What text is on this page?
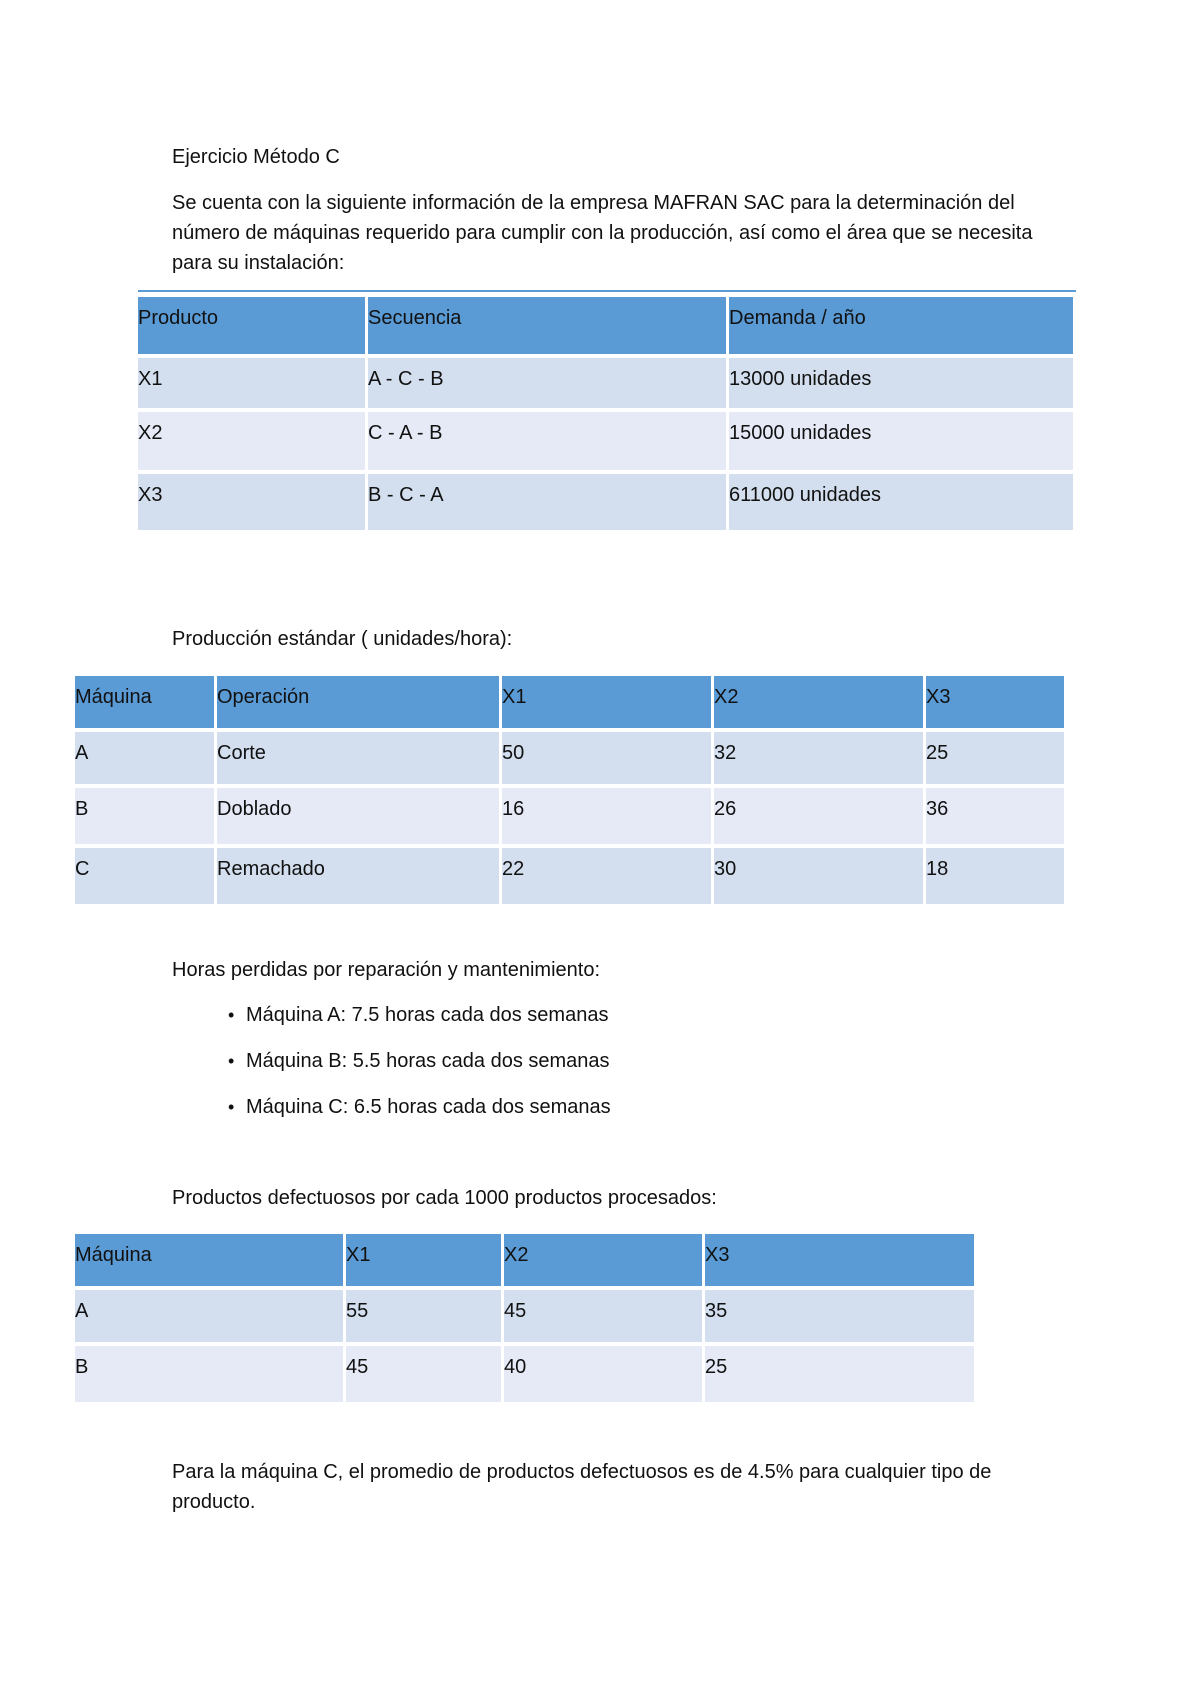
Ejercicio Método C

Se cuenta con la siguiente información de la empresa MAFRAN SAC para la determinación del número de máquinas requerido para cumplir con la producción, así como el área que se necesita para su instalación:

Producto	Secuencia	Demanda / año
X1	A - C - B	13000 unidades
X2	C - A - B	15000 unidades
X3	B - C - A	611000 unidades

Producción estándar ( unidades/hora):

Máquina	Operación	X1	X2	X3
A	Corte	50	32	25
B	Doblado	16	26	36
C	Remachado	22	30	18

Horas perdidas por reparación y mantenimiento:

• Máquina A: 7.5 horas cada dos semanas
• Máquina B: 5.5 horas cada dos semanas
• Máquina C: 6.5 horas cada dos semanas

Productos defectuosos por cada 1000 productos procesados:

Máquina	X1	X2	X3
A	55	45	35
B	45	40	25

Para la máquina C, el promedio de productos defectuosos es de 4.5% para cualquier tipo de producto.
